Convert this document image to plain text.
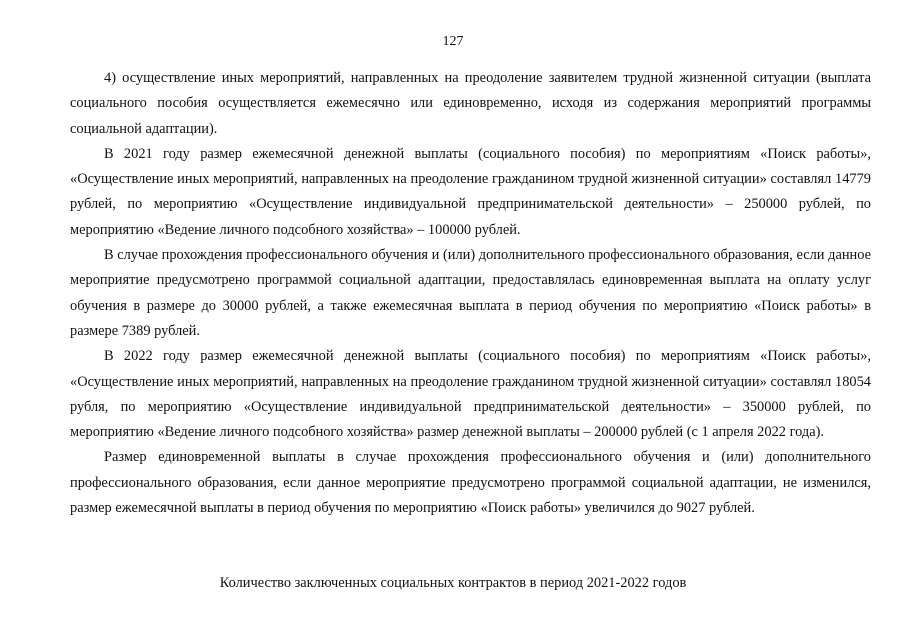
127

4) осуществление иных мероприятий, направленных на преодоление заявителем трудной жизненной ситуации (выплата социального пособия осуществляется ежемесячно или единовременно, исходя из содержания мероприятий программы социальной адаптации).

В 2021 году размер ежемесячной денежной выплаты (социального пособия) по мероприятиям «Поиск работы», «Осуществление иных мероприятий, направленных на преодоление гражданином трудной жизненной ситуации» составлял 14779 рублей, по мероприятию «Осуществление индивидуальной предпринимательской деятельности» – 250000 рублей, по мероприятию «Ведение личного подсобного хозяйства» – 100000 рублей.

В случае прохождения профессионального обучения и (или) дополнительного профессионального образования, если данное мероприятие предусмотрено программой социальной адаптации, предоставлялась единовременная выплата на оплату услуг обучения в размере до 30000 рублей, а также ежемесячная выплата в период обучения по мероприятию «Поиск работы» в размере 7389 рублей.

В 2022 году размер ежемесячной денежной выплаты (социального пособия) по мероприятиям «Поиск работы», «Осуществление иных мероприятий, направленных на преодоление гражданином трудной жизненной ситуации» составлял 18054 рубля, по мероприятию «Осуществление индивидуальной предпринимательской деятельности» – 350000 рублей, по мероприятию «Ведение личного подсобного хозяйства» размер денежной выплаты – 200000 рублей (с 1 апреля 2022 года).

Размер единовременной выплаты в случае прохождения профессионального обучения и (или) дополнительного профессионального образования, если данное мероприятие предусмотрено программой социальной адаптации, не изменился, размер ежемесячной выплаты в период обучения по мероприятию «Поиск работы» увеличился до 9027 рублей.

Количество заключенных социальных контрактов в период 2021-2022 годов
